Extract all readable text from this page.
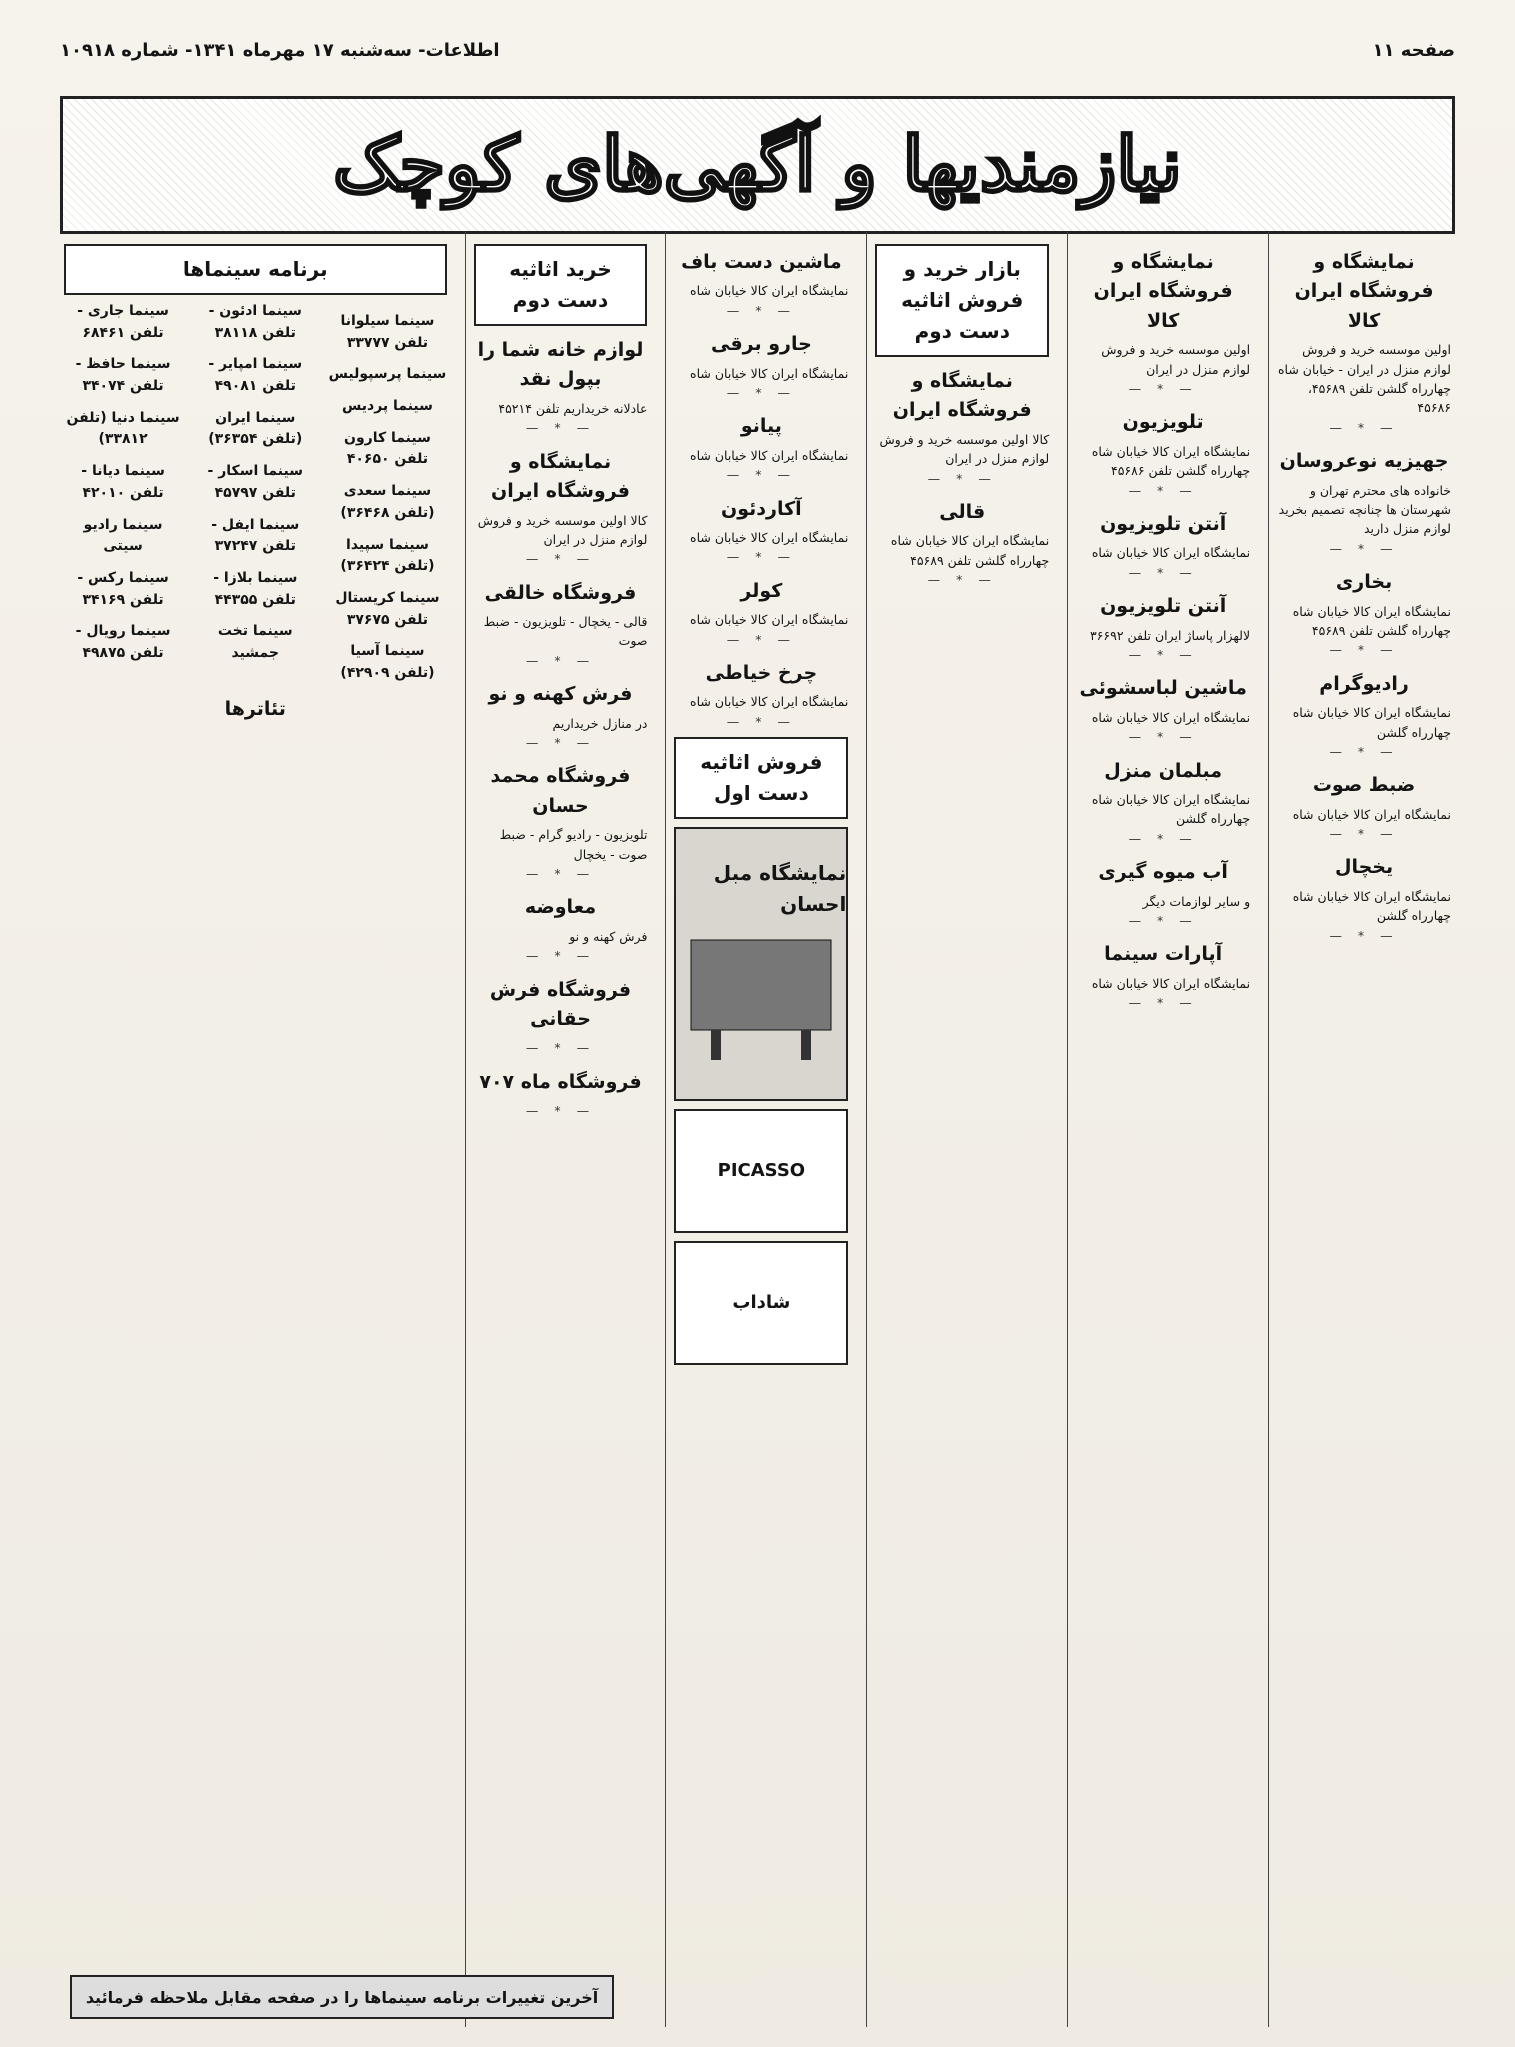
صفحه ۱۱
اطلاعات- سه‌شنبه ۱۷ مهرماه ۱۳۴۱- شماره ۱۰۹۱۸
نیازمندیها و آگهی‌های کوچک
نمایشگاه و فروشگاه ایران کالا
اولین موسسه خرید و فروش لوازم منزل در ایران - خیابان شاه چهارراه گلشن تلفن ۴۵۶۸۹، ۴۵۶۸۶
— * —
جهیزیه نوعروسان
خانواده های محترم تهران و شهرستان ها چنانچه تصمیم بخرید لوازم منزل دارید
— * —
بخاری
نمایشگاه ایران کالا خیابان شاه چهارراه گلشن تلفن ۴۵۶۸۹
— * —
رادیوگرام
نمایشگاه ایران کالا خیابان شاه چهارراه گلشن
— * —
ضبط صوت
نمایشگاه ایران کالا خیابان شاه
— * —
یخچال
نمایشگاه ایران کالا خیابان شاه چهارراه گلشن
— * —
نمایشگاه و فروشگاه ایران کالا
اولین موسسه خرید و فروش لوازم منزل در ایران
— * —
تلویزیون
نمایشگاه ایران کالا خیابان شاه چهارراه گلشن تلفن ۴۵۶۸۶
— * —
آنتن تلویزیون
نمایشگاه ایران کالا خیابان شاه
— * —
آنتن تلویزیون
لالهزار پاساژ ایران تلفن ۳۶۶۹۲
— * —
ماشین لباسشوئی
نمایشگاه ایران کالا خیابان شاه
— * —
مبلمان منزل
نمایشگاه ایران کالا خیابان شاه چهارراه گلشن
— * —
آب میوه گیری
و سایر لوازمات دیگر
— * —
آپارات سینما
نمایشگاه ایران کالا خیابان شاه
— * —
بازار خرید و فروش اثاثیه
دست دوم
نمایشگاه و فروشگاه ایران
کالا اولین موسسه خرید و فروش لوازم منزل در ایران
— * —
قالی
نمایشگاه ایران کالا خیابان شاه چهارراه گلشن تلفن ۴۵۶۸۹
— * —
ماشین دست باف
نمایشگاه ایران کالا خیابان شاه
— * —
جارو برقی
نمایشگاه ایران کالا خیابان شاه
— * —
پیانو
نمایشگاه ایران کالا خیابان شاه
— * —
آکاردئون
نمایشگاه ایران کالا خیابان شاه
— * —
کولر
نمایشگاه ایران کالا خیابان شاه
— * —
چرخ خیاطی
نمایشگاه ایران کالا خیابان شاه
— * —
فروش اثاثیه دست اول
نمایشگاه مبل احسان
PICASSO
شاداب
خرید اثاثیه دست دوم
لوازم خانه شما را بپول نقد
عادلانه خریداریم تلفن ۴۵۲۱۴
— * —
نمایشگاه و فروشگاه ایران
کالا اولین موسسه خرید و فروش لوازم منزل در ایران
— * —
فروشگاه خالقی
قالی - یخچال - تلویزیون - ضبط صوت
— * —
فرش کهنه و نو
در منازل خریداریم
— * —
فروشگاه محمد حسان
تلویزیون - رادیو گرام - ضبط صوت - یخچال
— * —
معاوضه
فرش کهنه و نو
— * —
فروشگاه فرش حقانی
— * —
فروشگاه ماه ۷۰۷
— * —
برنامه سینماها
سینما سیلوانا تلفن ۳۳۷۷۷
سینما پرسپولیس
سینما پردیس
سینما کارون تلفن ۴۰۶۵۰
سینما سعدی (تلفن ۳۶۴۶۸)
سینما سپیدا (تلفن ۳۶۴۲۴)
سینما کریستال تلفن ۳۷۶۷۵
سینما آسیا (تلفن ۴۲۹۰۹)
سینما ادئون - تلفن ۳۸۱۱۸
سینما امپایر - تلفن ۴۹۰۸۱
سینما ایران (تلفن ۳۶۳۵۴)
سینما اسکار - تلفن ۴۵۷۹۷
سینما ایفل - تلفن ۳۷۲۴۷
سینما بلازا - تلفن ۴۴۳۵۵
سینما تخت جمشید
سینما جاری - تلفن ۶۸۴۶۱
سینما حافظ - تلفن ۳۴۰۷۴
سینما دنیا (تلفن ۳۳۸۱۲)
سینما دیانا - تلفن ۴۲۰۱۰
سینما رادیو سیتی
سینما رکس - تلفن ۳۴۱۶۹
سینما رویال - تلفن ۴۹۸۷۵
تئاترها
آخرین تغییرات برنامه سینماها را در صفحه مقابل ملاحظه فرمائید
